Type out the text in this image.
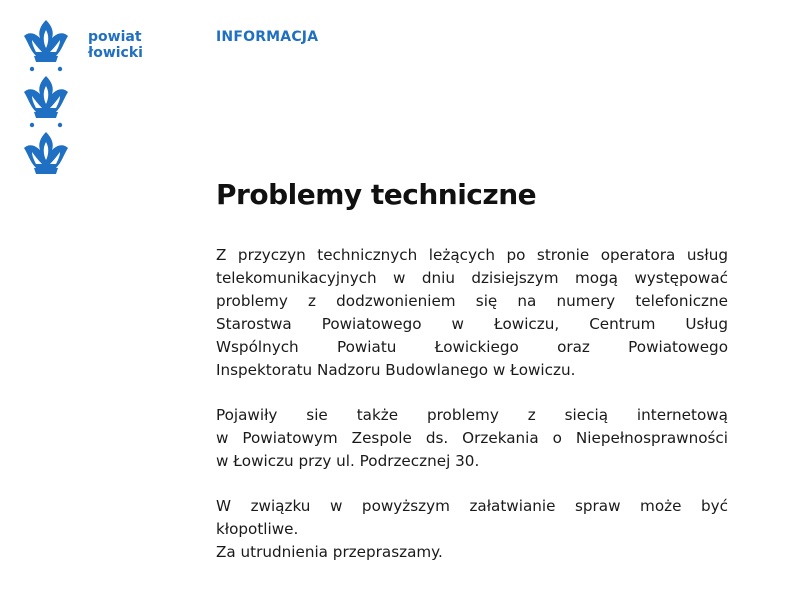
powiat
łowicki
INFORMACJA
Problemy techniczne

Z przyczyn technicznych leżących po stronie operatora usług
telekomunikacyjnych w dniu dzisiejszym mogą występować
problemy z dodzwonieniem się na numery telefoniczne
Starostwa Powiatowego w Łowiczu, Centrum Usług
Wspólnych Powiatu Łowickiego oraz Powiatowego
Inspektoratu Nadzoru Budowlanego w Łowiczu.

Pojawiły sie także problemy z siecią internetową
w Powiatowym Zespole ds. Orzekania o Niepełnosprawności
w Łowiczu przy ul. Podrzecznej 30.

W związku w powyższym załatwianie spraw może być
kłopotliwe.
Za utrudnienia przepraszamy.
